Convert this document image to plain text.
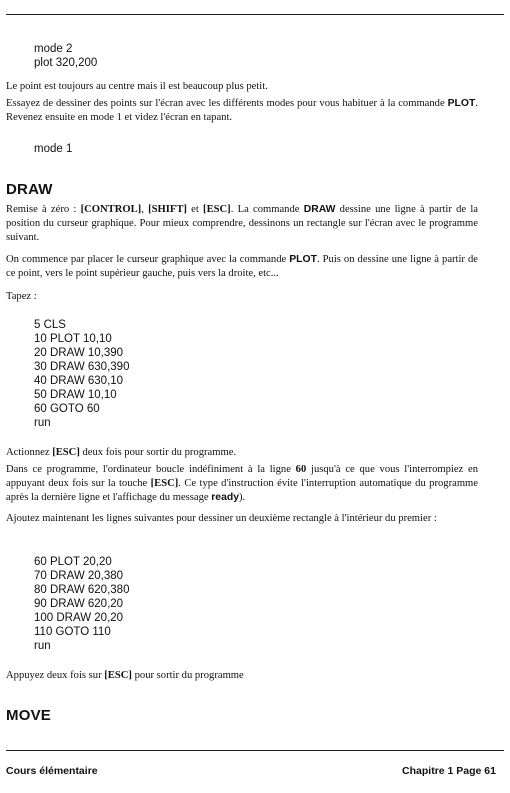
mode 2
plot 320,200
Le point est toujours au centre mais il est beaucoup plus petit.
Essayez de dessiner des points sur l'écran avec les différents modes pour vous habituer à la commande PLOT. Revenez ensuite en mode 1 et videz l'écran en tapant.
mode 1
DRAW
Remise à zéro : [CONTROL], [SHIFT] et [ESC]. La commande DRAW dessine une ligne à partir de la position du curseur graphique. Pour mieux comprendre, dessinons un rectangle sur l'écran avec le programme suivant.
On commence par placer le curseur graphique avec la commande PLOT. Puis on dessine une ligne à partir de ce point, vers le point supérieur gauche, puis vers la droite, etc...
Tapez :
5 CLS
10 PLOT 10,10
20 DRAW 10,390
30 DRAW 630,390
40 DRAW 630,10
50 DRAW 10,10
60 GOTO 60
run
Actionnez [ESC] deux fois pour sortir du programme.
Dans ce programme, l'ordinateur boucle indéfiniment à la ligne 60 jusqu'à ce que vous l'interrompiez en appuyant deux fois sur la touche [ESC]. Ce type d'instruction évite l'interruption automatique du programme après la dernière ligne et l'affichage du message ready).
Ajoutez maintenant les lignes suivantes pour dessiner un deuxième rectangle à l'intérieur du premier :
60 PLOT 20,20
70 DRAW 20,380
80 DRAW 620,380
90 DRAW 620,20
100 DRAW 20,20
110 GOTO 110
run
Appuyez deux fois sur [ESC] pour sortir du programme
MOVE
Cours élémentaire	Chapitre 1 Page 61
